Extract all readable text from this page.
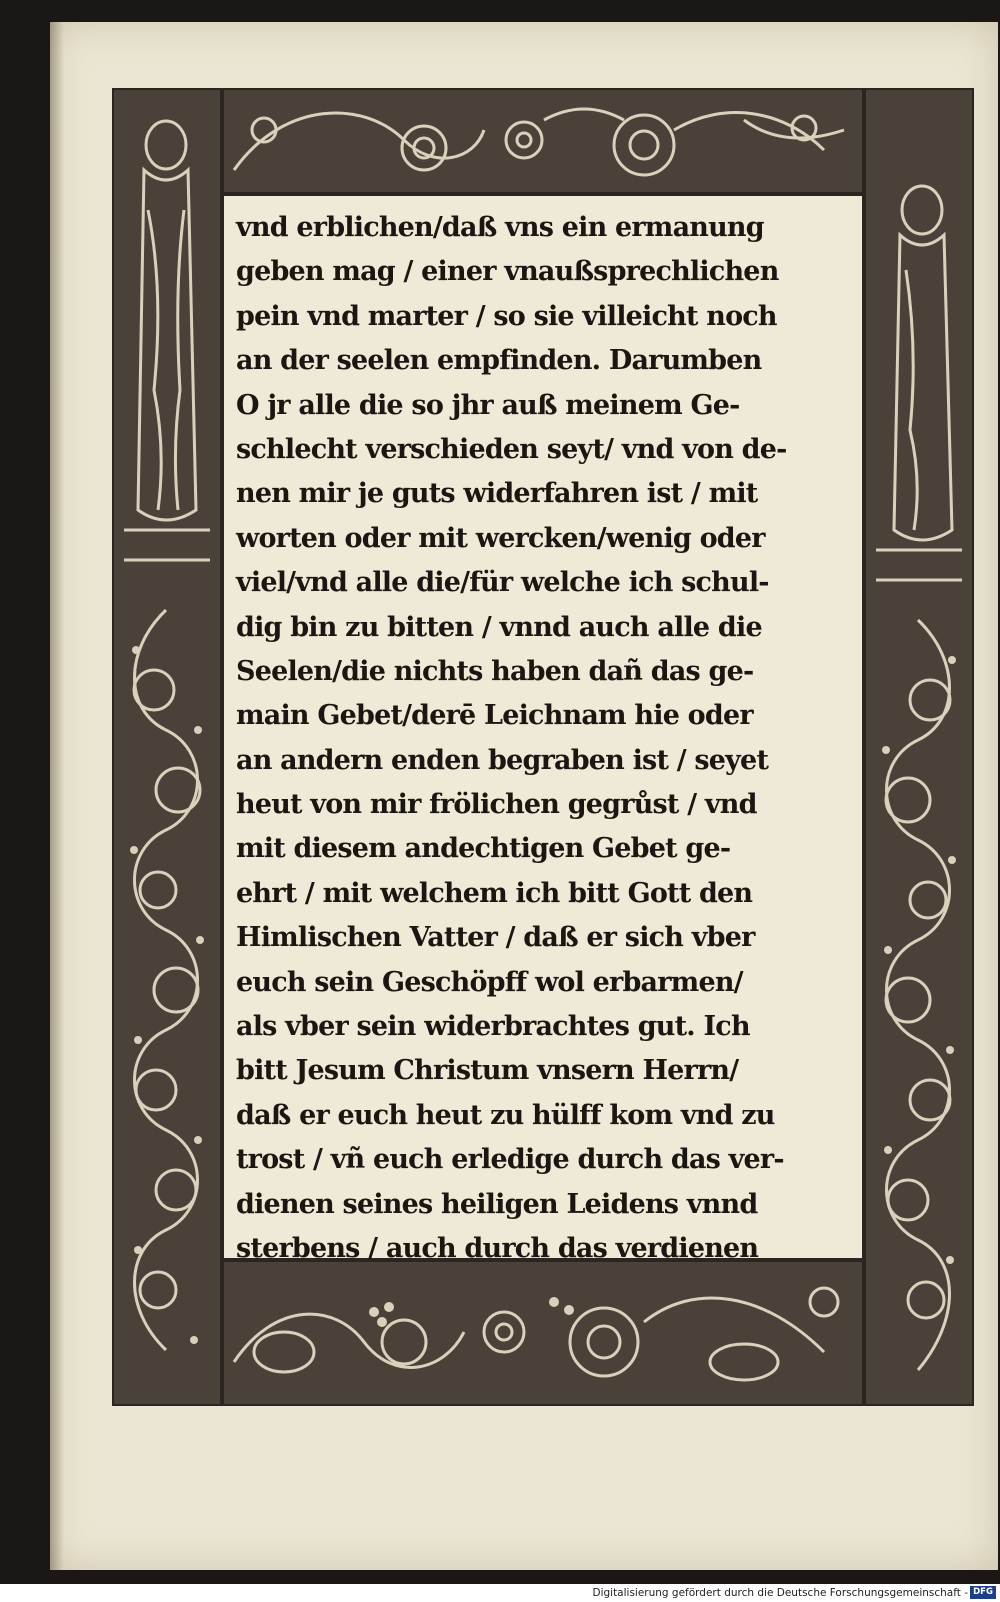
vnd erblichen/daß vns ein ermanung
geben mag / einer vnaußsprechlichen
pein vnd marter / so sie villeicht noch
an der seelen empfinden. Darumben
O jr alle die so jhr auß meinem Ge-
schlecht verschieden seyt/ vnd von de-
nen mir je guts widerfahren ist / mit
worten oder mit wercken/wenig oder
viel/vnd alle die/für welche ich schul-
dig bin zu bitten / vnnd auch alle die
Seelen/die nichts haben dañ das ge-
main Gebet/derē Leichnam hie oder
an andern enden begraben ist / seyet
heut von mir frölichen gegrůst / vnd
mit diesem andechtigen Gebet ge-
ehrt / mit welchem ich bitt Gott den
Himlischen Vatter / daß er sich vber
euch sein Geschöpff wol erbarmen/
als vber sein widerbrachtes gut. Ich
bitt Jesum Christum vnsern Herrn/
daß er euch heut zu hülff kom vnd zu
trost / vñ euch erledige durch das ver-
dienen seines heiligen Leidens vnnd
sterbens / auch durch das verdienen
Digitalisierung gefördert durch die Deutsche Forschungsgemeinschaft - DFG
